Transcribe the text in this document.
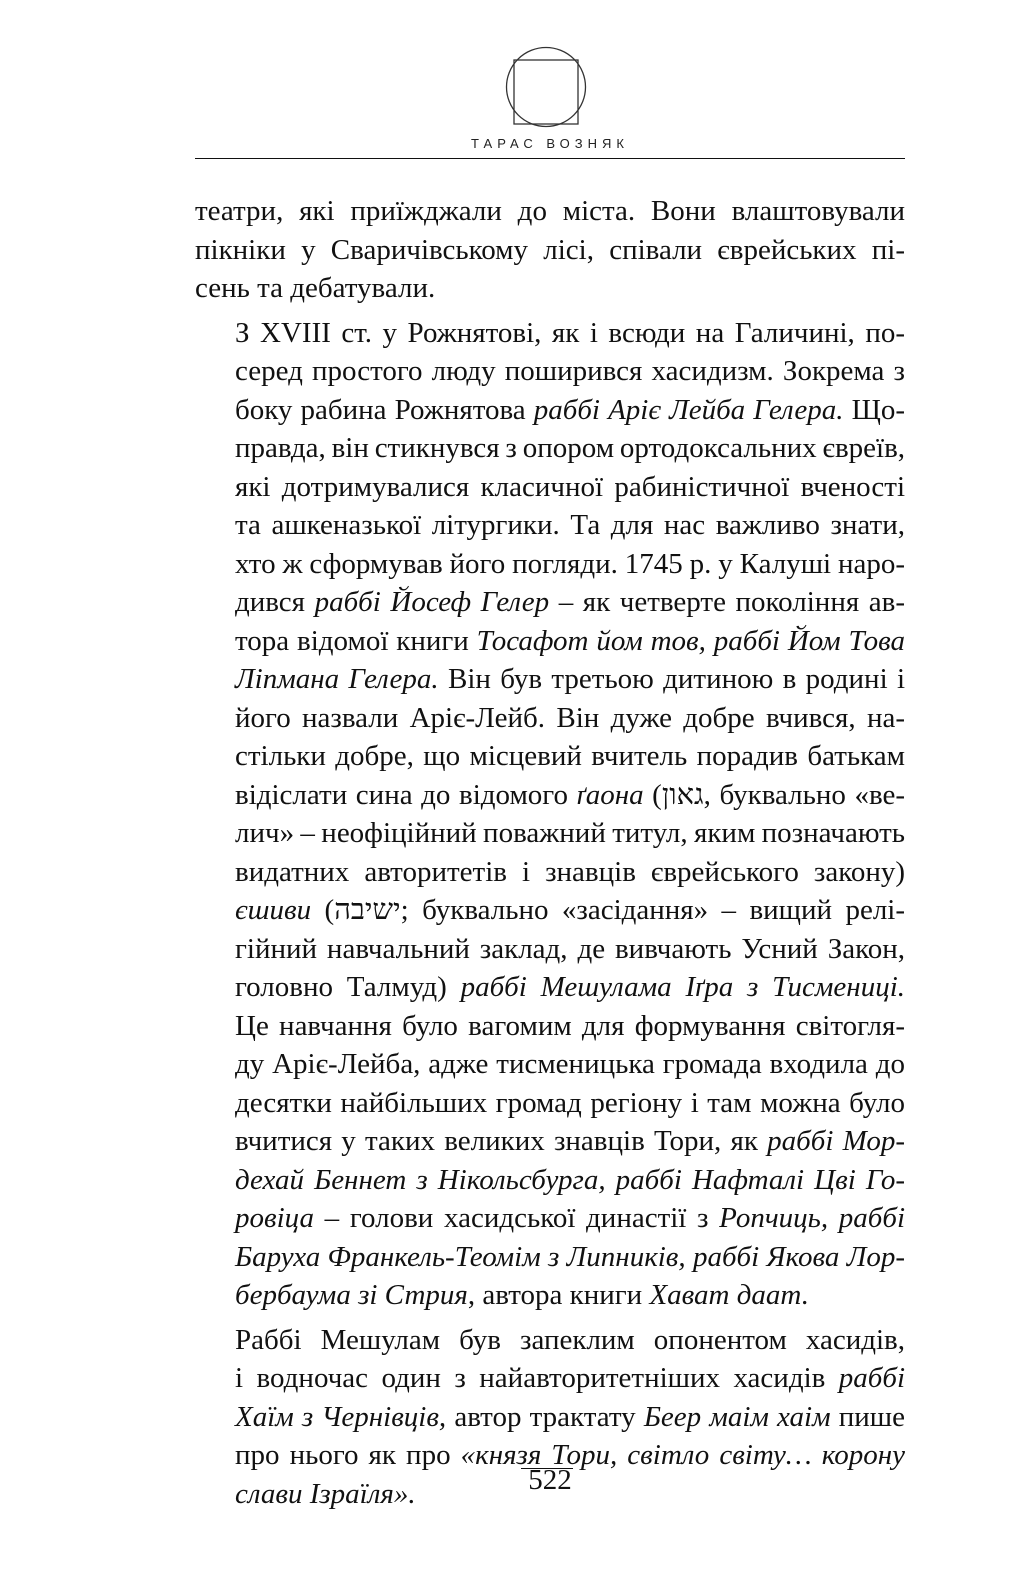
ТАРАС ВОЗНЯК
театри, які приїжджали до міста. Вони влаштовували
пікніки у Сваричівському лісі, співали єврейських пі-
сень та дебатували.
З XVIII ст. у Рожнятові, як і всюди на Галичині, по-
серед простого люду поширився хасидизм. Зокрема з
боку рабина Рожнятова раббі Аріє Лейба Гелера. Що-
правда, він стикнувся з опором ортодоксальних євреїв,
які дотримувалися класичної рабиністичної вченості
та ашкеназької літургики. Та для нас важливо знати,
хто ж сформував його погляди. 1745 р. у Калуші наро-
дився раббі Йосеф Гелер – як четверте покоління ав-
тора відомої книги Тосафот йом тов, раббі Йом Това
Ліпмана Гелера. Він був третьою дитиною в родині і
його назвали Аріє-Лейб. Він дуже добре вчився, на-
стільки добре, що місцевий вчитель порадив батькам
відіслати сина до відомого ґаона (גאון, буквально «ве-
лич» – неофіційний поважний титул, яким позначають
видатних авторитетів і знавців єврейського закону)
єшиви (ישיבה; буквально «засідання» – вищий релі-
гійний навчальний заклад, де вивчають Усний Закон,
головно Талмуд) раббі Мешулама Іґра з Тисмениці.
Це навчання було вагомим для формування світогля-
ду Аріє-Лейба, адже тисменицька громада входила до
десятки найбільших громад регіону і там можна було
вчитися у таких великих знавців Тори, як раббі Мор-
дехай Беннет з Нікольсбурга, раббі Нафталі Цві Го-
ровіца – голови хасидської династії з Ропчиць, раббі
Баруха Франкель-Теомім з Липників, раббі Якова Лор-
бербаума зі Стрия, автора книги Хават даат.
Раббі Мешулам був запеклим опонентом хасидів,
і водночас один з найавторитетніших хасидів раббі
Хаїм з Чернівців, автор трактату Беер маім хаім пише
про нього як про «князя Тори, світло світу… корону
слави Ізраїля».	522
